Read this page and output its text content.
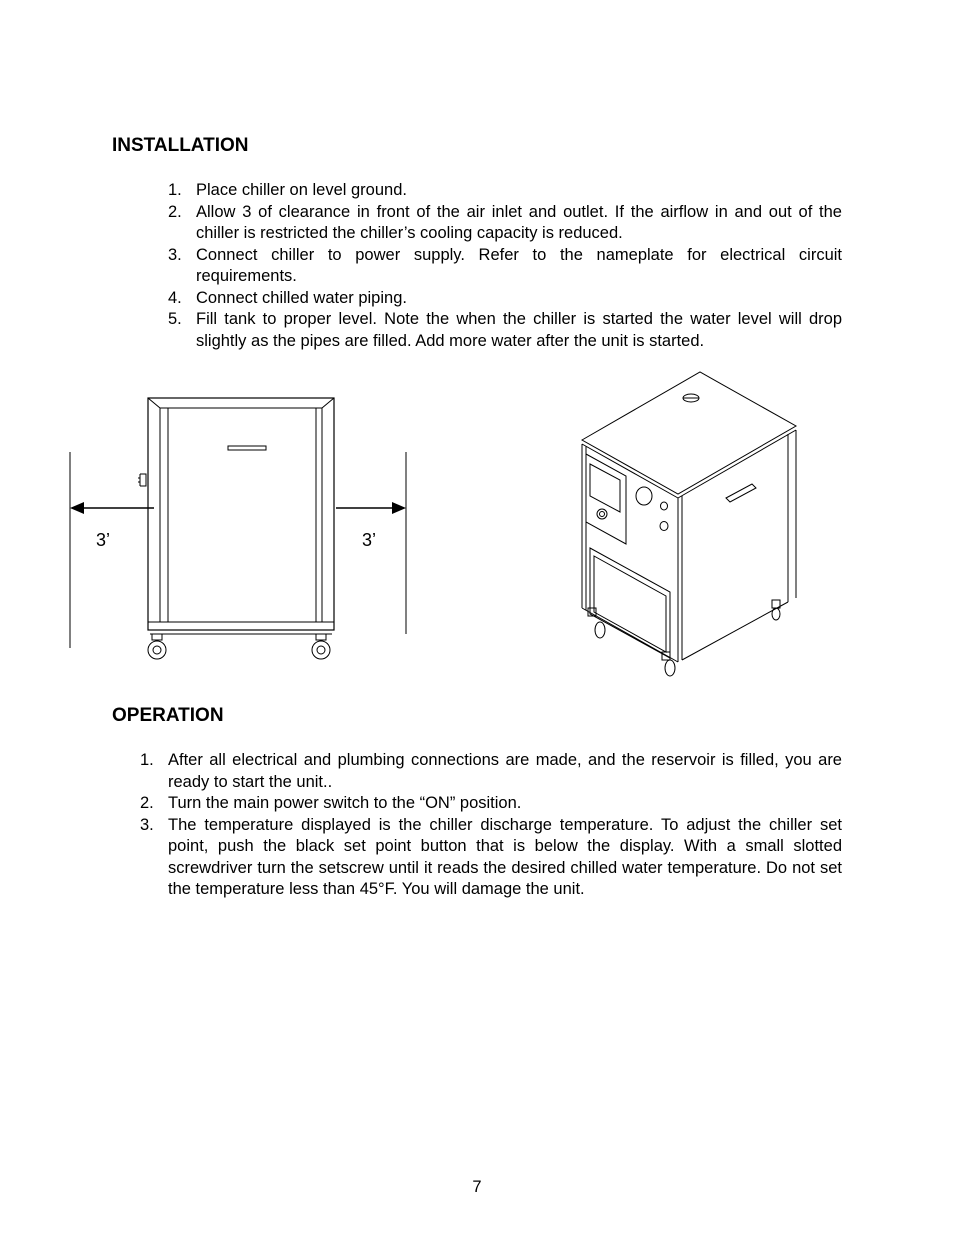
INSTALLATION
1. Place chiller on level ground.
2. Allow 3 of clearance in front of the air inlet and outlet. If the airflow in and out of the chiller is restricted the chiller’s cooling capacity is reduced.
3. Connect chiller to power supply. Refer to the nameplate for electrical circuit requirements.
4. Connect chilled water piping.
5. Fill tank to proper level. Note the when the chiller is started the water level will drop slightly as the pipes are filled. Add more water after the unit is started.
3’	3’
OPERATION
1. After all electrical and plumbing connections are made, and the reservoir is filled, you are ready to start the unit..
2. Turn the main power switch to the “ON” position.
3. The temperature displayed is the chiller discharge temperature. To adjust the chiller set point, push the black set point button that is below the display. With a small slotted screwdriver turn the setscrew until it reads the desired chilled water temperature. Do not set the temperature less than 45°F. You will damage the unit.
7
